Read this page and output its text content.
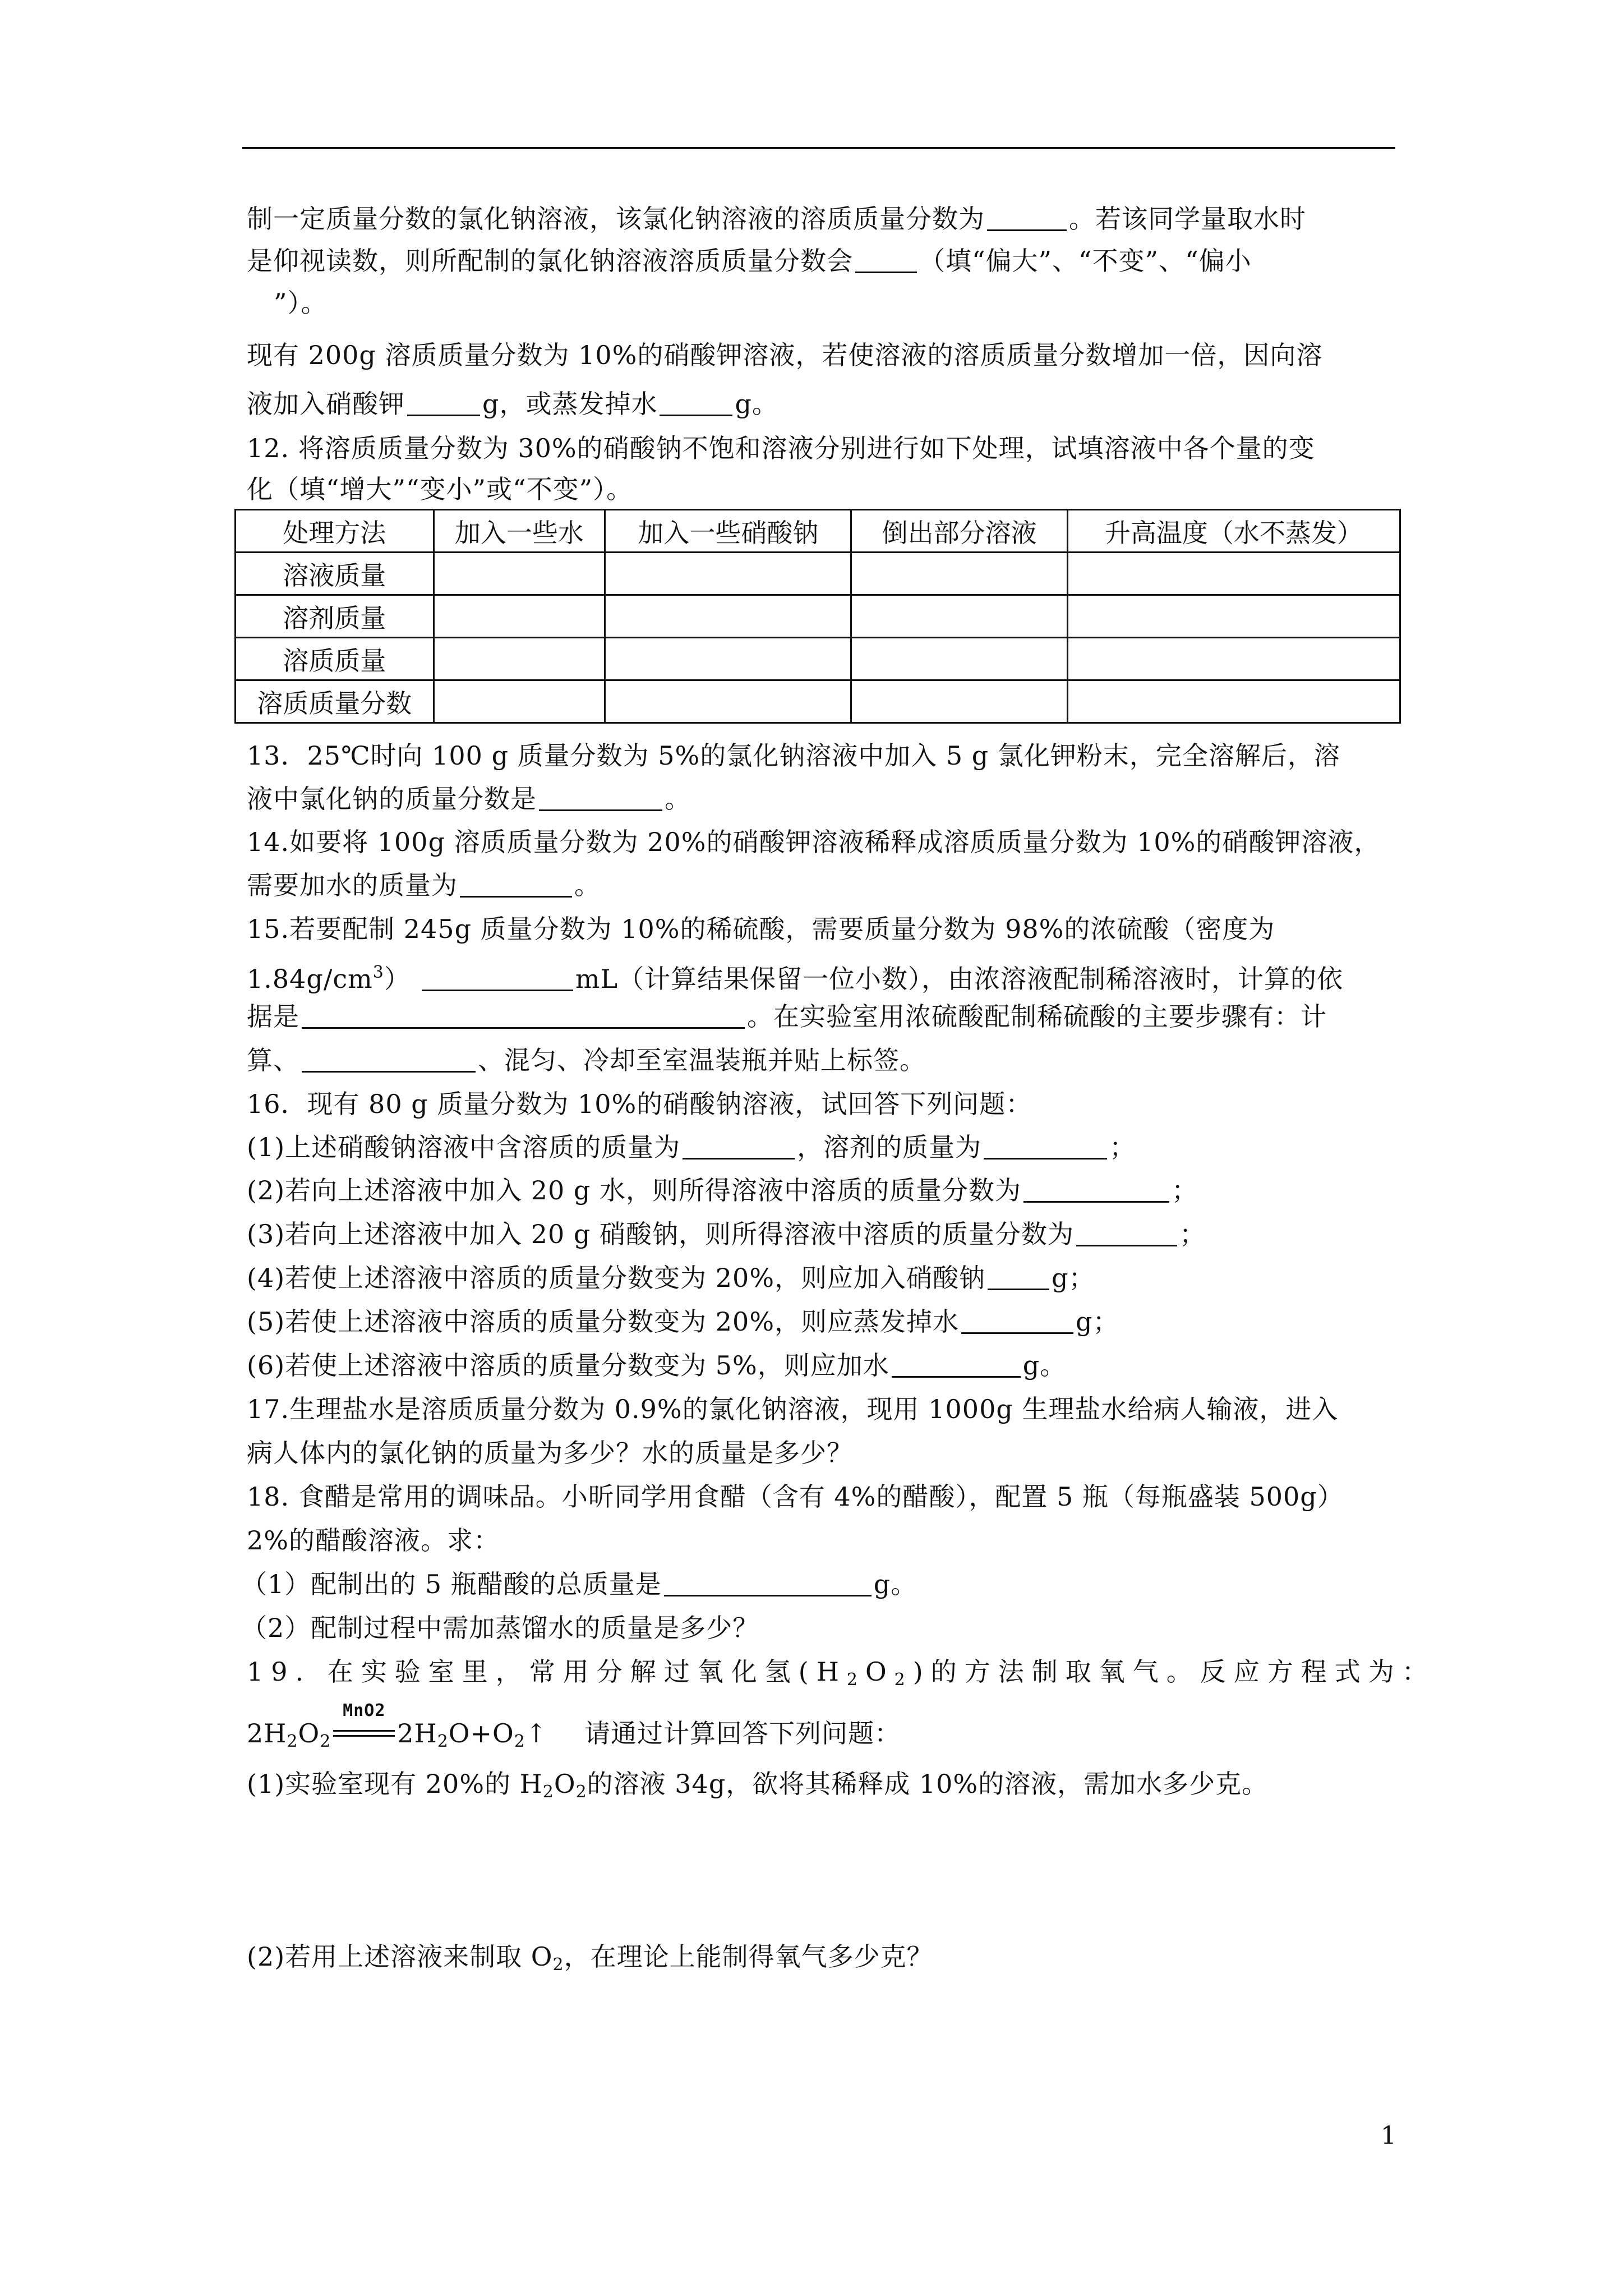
制一定质量分数的氯化钠溶液，该氯化钠溶液的溶质质量分数为	。若该同学量取水时
是仰视读数，则所配制的氯化钠溶液溶质质量分数会	（填“偏大”、“不变”、“偏小
”）。
现有 200g 溶质质量分数为 10%的硝酸钾溶液，若使溶液的溶质质量分数增加一倍，因向溶
液加入硝酸钾	g，或蒸发掉水	g。
12. 将溶质质量分数为 30%的硝酸钠不饱和溶液分别进行如下处理，试填溶液中各个量的变
化（填“增大”“变小”或“不变”）。
处理方法	加入一些水	加入一些硝酸钠	倒出部分溶液	升高温度（水不蒸发）
溶液质量				
溶剂质量				
溶质质量				
溶质质量分数				
13．25℃时向 100 g 质量分数为 5%的氯化钠溶液中加入 5 g 氯化钾粉末，完全溶解后，溶
液中氯化钠的质量分数是	。
14.如要将 100g 溶质质量分数为 20%的硝酸钾溶液稀释成溶质质量分数为 10%的硝酸钾溶液，
需要加水的质量为	。
15.若要配制 245g 质量分数为 10%的稀硫酸，需要质量分数为 98%的浓硫酸（密度为
$1.84g/cm^3$）	mL（计算结果保留一位小数），由浓溶液配制稀溶液时，计算的依
据是	。在实验室用浓硫酸配制稀硫酸的主要步骤有：计
算、	、混匀、冷却至室温装瓶并贴上标签。
16．现有 80 g 质量分数为 10%的硝酸钠溶液，试回答下列问题：
(1)上述硝酸钠溶液中含溶质的质量为	，溶剂的质量为	；
(2)若向上述溶液中加入 20 g 水，则所得溶液中溶质的质量分数为	；
(3)若向上述溶液中加入 20 g 硝酸钠，则所得溶液中溶质的质量分数为	；
(4)若使上述溶液中溶质的质量分数变为 20%，则应加入硝酸钠	g；
(5)若使上述溶液中溶质的质量分数变为 20%，则应蒸发掉水	g；
(6)若使上述溶液中溶质的质量分数变为 5%，则应加水	g。
17.生理盐水是溶质质量分数为 0.9%的氯化钠溶液，现用 1000g 生理盐水给病人输液，进入
病人体内的氯化钠的质量为多少？水的质量是多少？
18. 食醋是常用的调味品。小昕同学用食醋（含有 4%的醋酸），配置 5 瓶（每瓶盛装 500g）
2%的醋酸溶液。求：
（1）配制出的 5 瓶醋酸的总质量是	g。
（2）配制过程中需加蒸馏水的质量是多少？
19. 在实验室里，常用分解过氧化氢$(H_2O_2)$的方法制取氧气。反应方程式为：
$2H_2O_2$
MnO2
$2H_2O+O_2↑$ 请通过计算回答下列问题：
(1)实验室现有 20%的 $H_2O_2$的溶液 34g，欲将其稀释成 10%的溶液，需加水多少克。
(2)若用上述溶液来制取 $O_2$，在理论上能制得氧气多少克？
1
